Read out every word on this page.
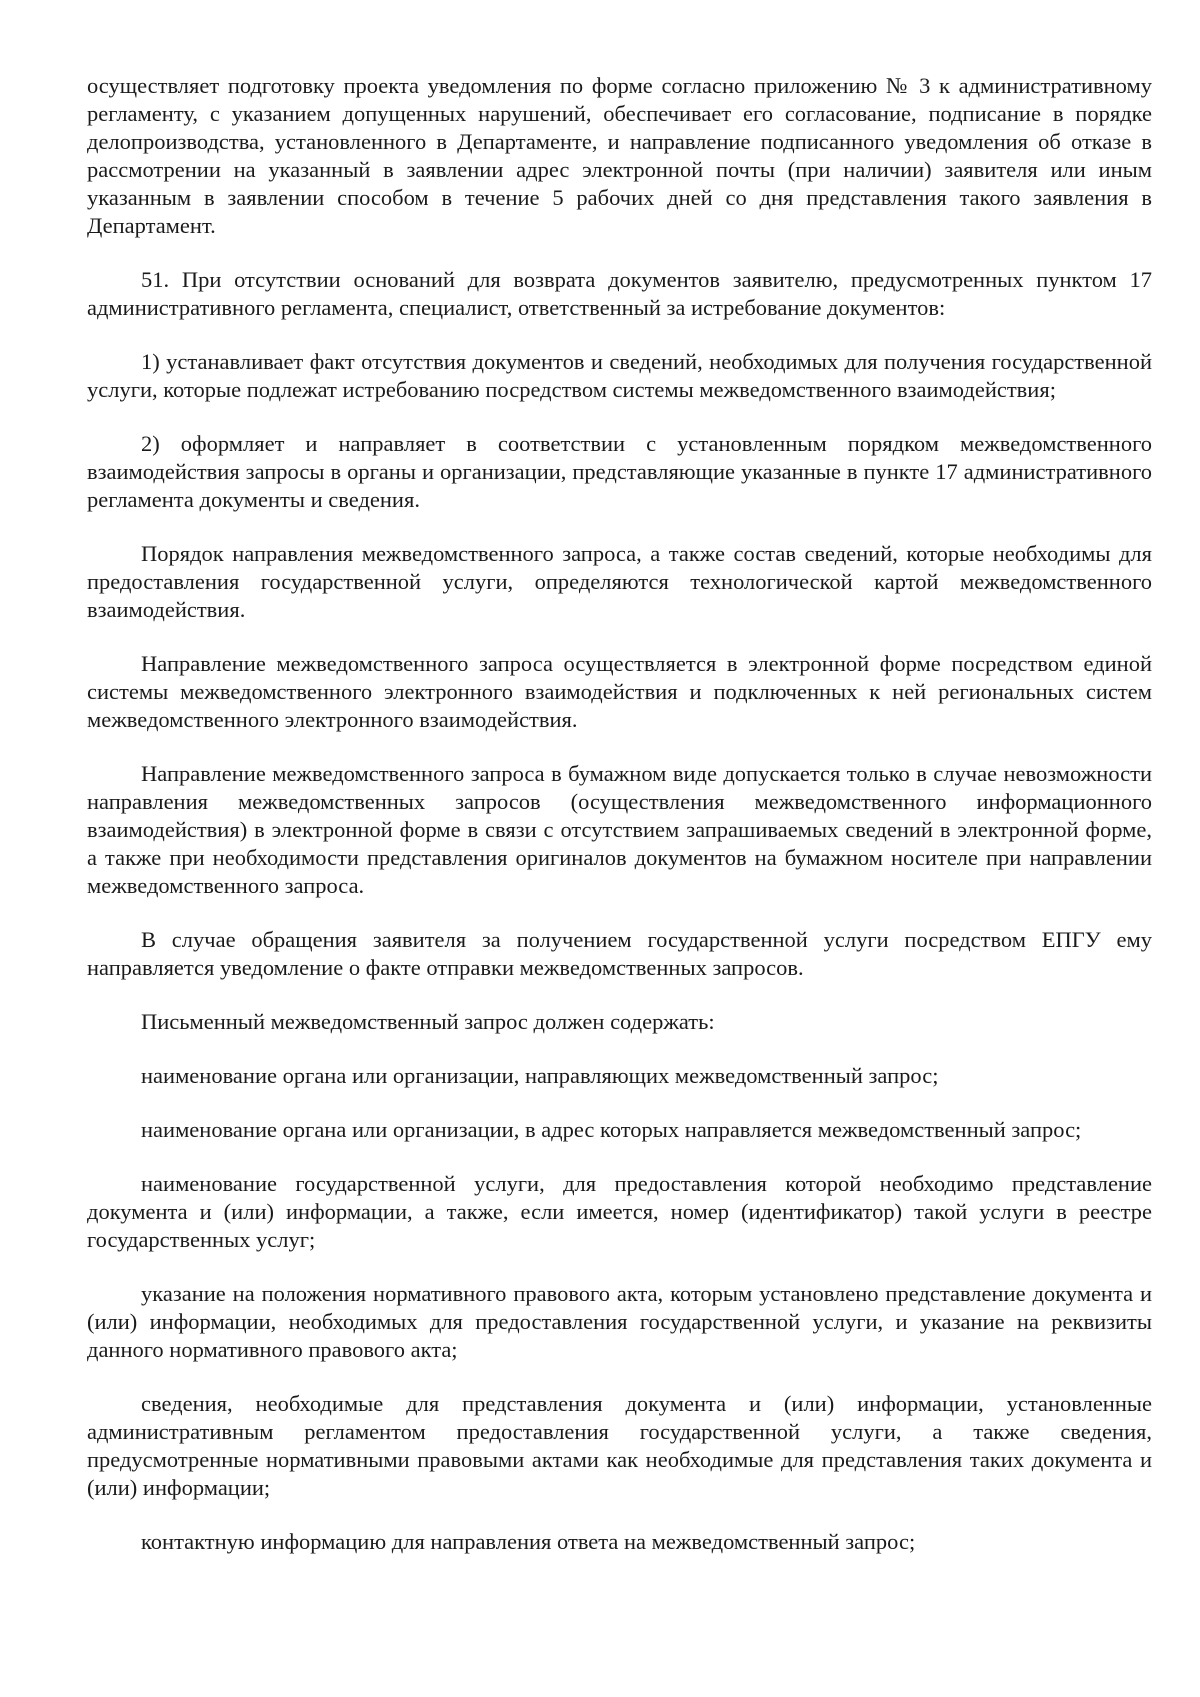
осуществляет подготовку проекта уведомления по форме согласно приложению № 3 к административному регламенту, с указанием допущенных нарушений, обеспечивает его согласование, подписание в порядке делопроизводства, установленного в Департаменте, и направление подписанного уведомления об отказе в рассмотрении на указанный в заявлении адрес электронной почты (при наличии) заявителя или иным указанным в заявлении способом в течение 5 рабочих дней со дня представления такого заявления в Департамент.

51. При отсутствии оснований для возврата документов заявителю, предусмотренных пунктом 17 административного регламента, специалист, ответственный за истребование документов:

1) устанавливает факт отсутствия документов и сведений, необходимых для получения государственной услуги, которые подлежат истребованию посредством системы межведомственного взаимодействия;

2) оформляет и направляет в соответствии с установленным порядком межведомственного взаимодействия запросы в органы и организации, представляющие указанные в пункте 17 административного регламента документы и сведения.

Порядок направления межведомственного запроса, а также состав сведений, которые необходимы для предоставления государственной услуги, определяются технологической картой межведомственного взаимодействия.

Направление межведомственного запроса осуществляется в электронной форме посредством единой системы межведомственного электронного взаимодействия и подключенных к ней региональных систем межведомственного электронного взаимодействия.

Направление межведомственного запроса в бумажном виде допускается только в случае невозможности направления межведомственных запросов (осуществления межведомственного информационного взаимодействия) в электронной форме в связи с отсутствием запрашиваемых сведений в электронной форме, а также при необходимости представления оригиналов документов на бумажном носителе при направлении межведомственного запроса.

В случае обращения заявителя за получением государственной услуги посредством ЕПГУ ему направляется уведомление о факте отправки межведомственных запросов.

Письменный межведомственный запрос должен содержать:

наименование органа или организации, направляющих межведомственный запрос;

наименование органа или организации, в адрес которых направляется межведомственный запрос;

наименование государственной услуги, для предоставления которой необходимо представление документа и (или) информации, а также, если имеется, номер (идентификатор) такой услуги в реестре государственных услуг;

указание на положения нормативного правового акта, которым установлено представление документа и (или) информации, необходимых для предоставления государственной услуги, и указание на реквизиты данного нормативного правового акта;

сведения, необходимые для представления документа и (или) информации, установленные административным регламентом предоставления государственной услуги, а также сведения, предусмотренные нормативными правовыми актами как необходимые для представления таких документа и (или) информации;

контактную информацию для направления ответа на межведомственный запрос;
